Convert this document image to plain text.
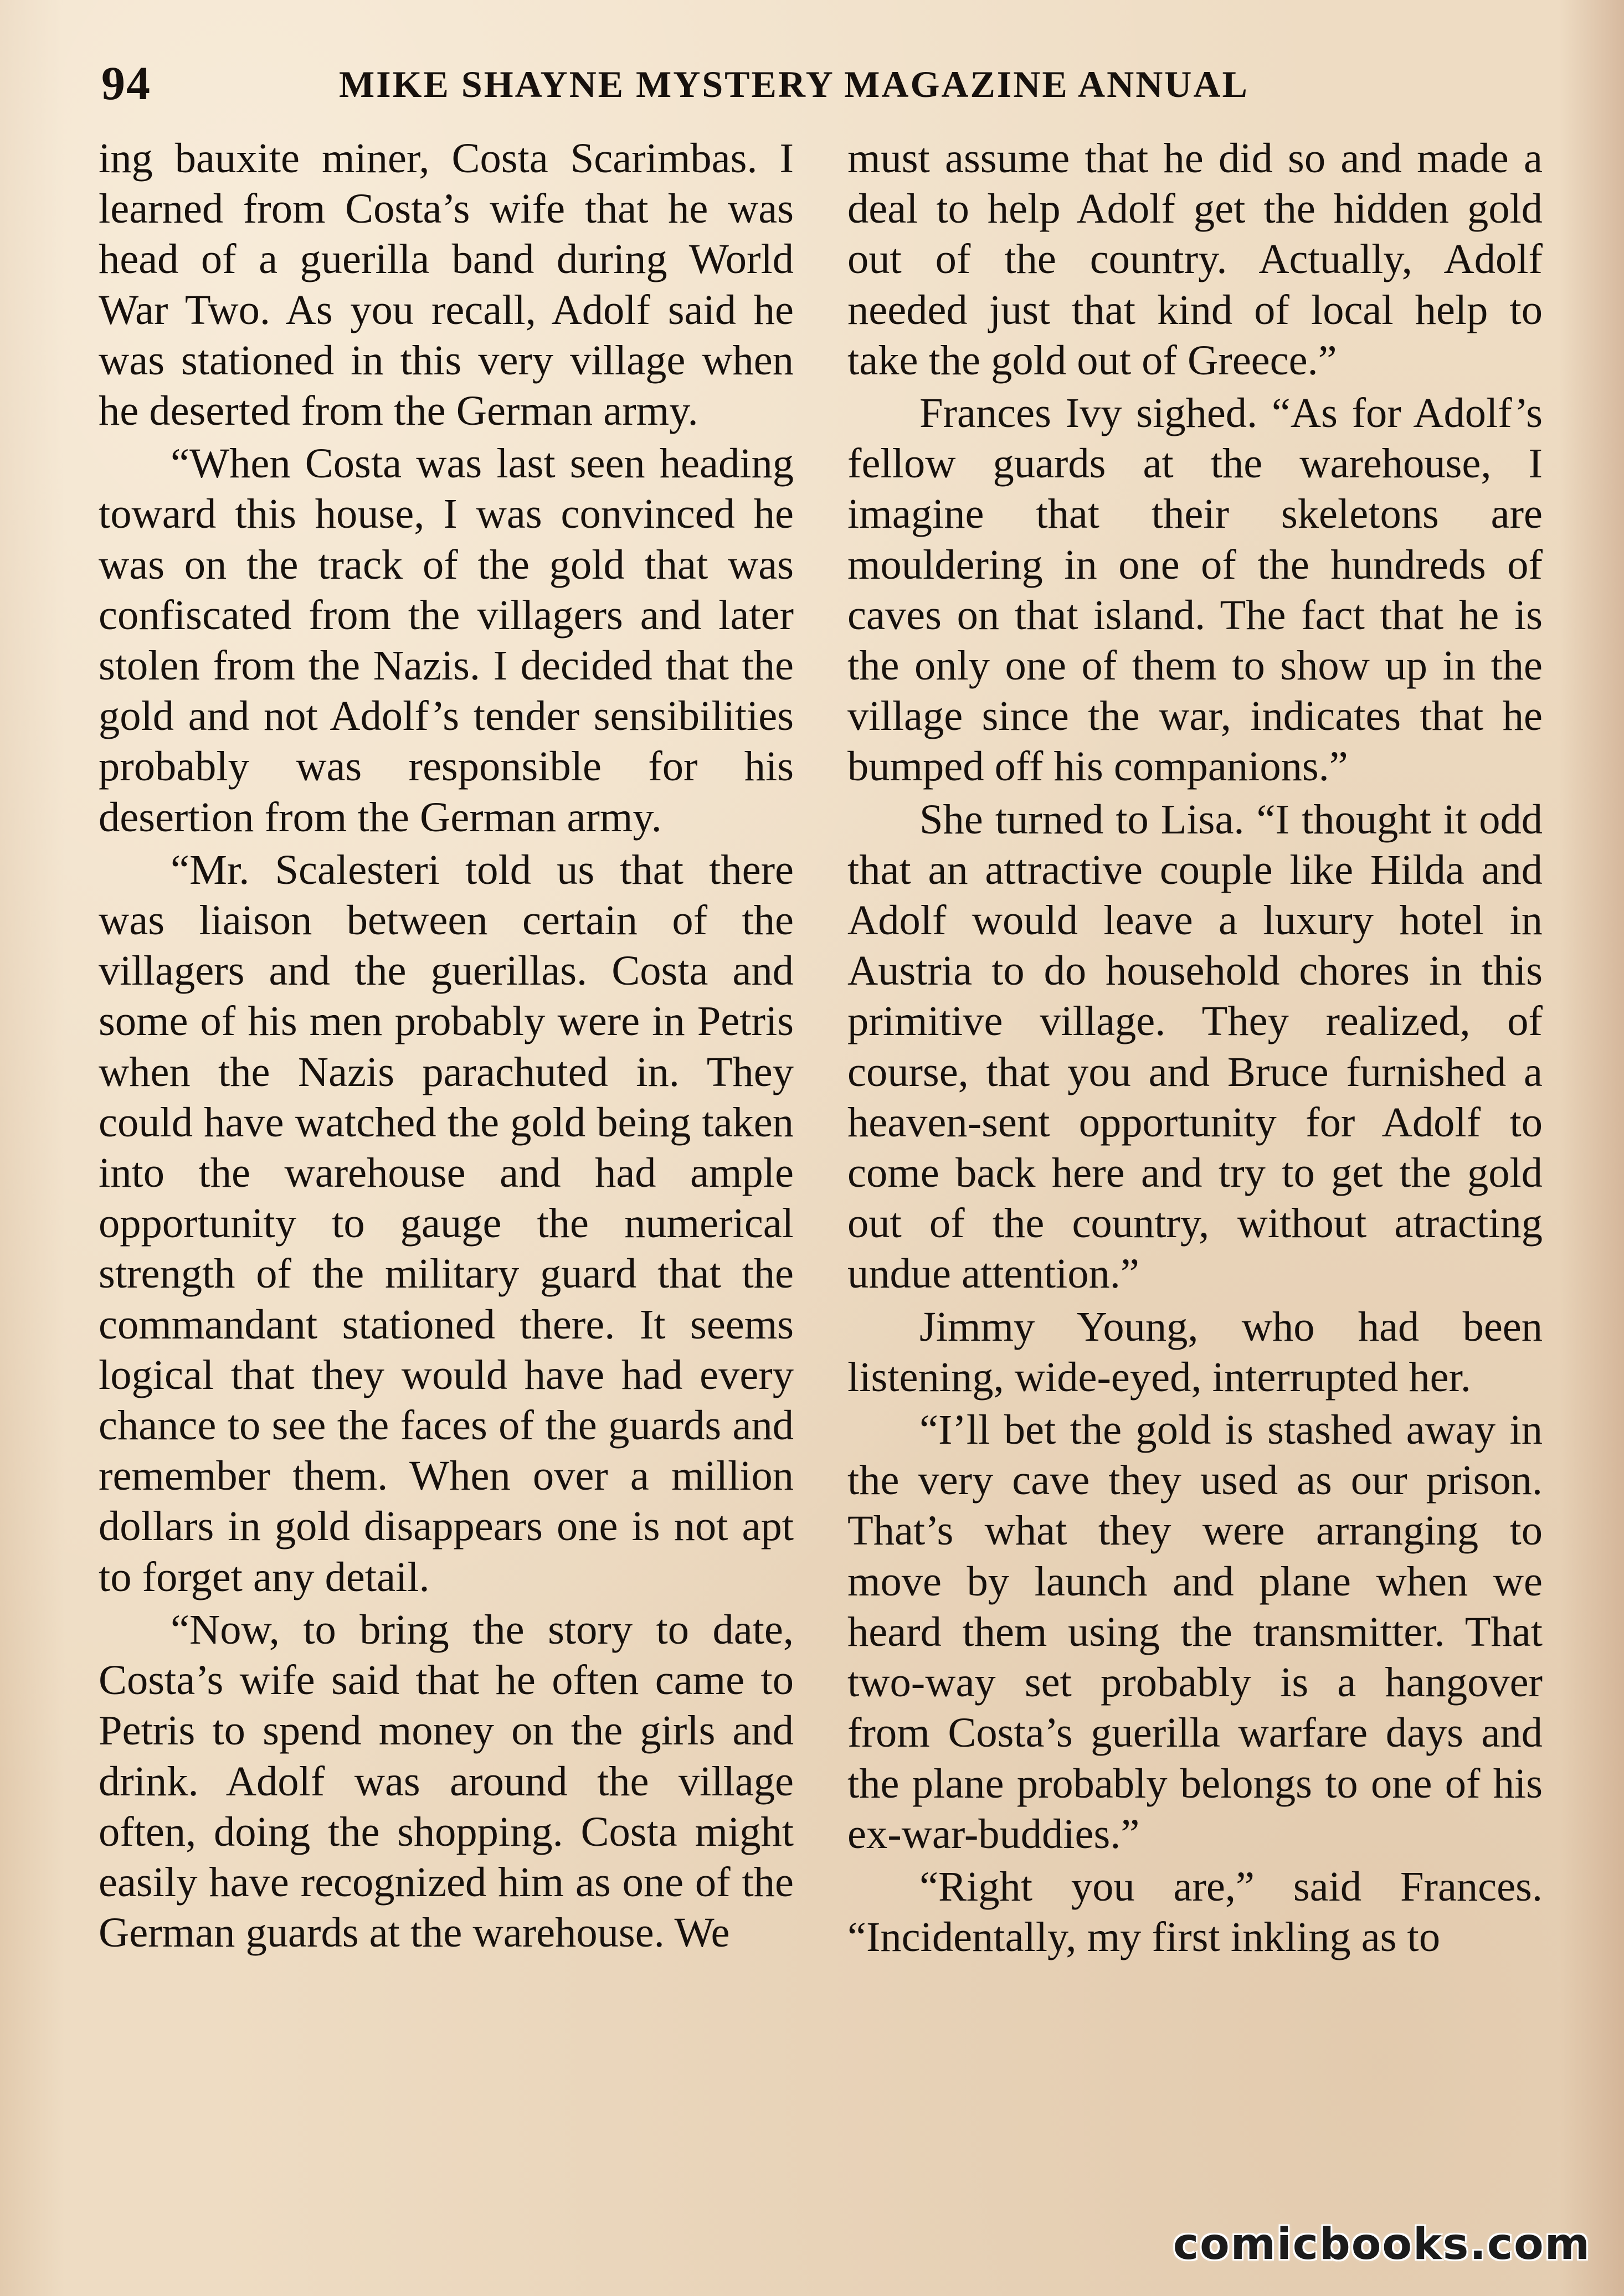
94	MIKE SHAYNE MYSTERY MAGAZINE ANNUAL

ing bauxite miner, Costa Scarimbas. I learned from Costa’s wife that he was head of a guerilla band during World War Two. As you recall, Adolf said he was stationed in this very village when he deserted from the German army.

“When Costa was last seen heading toward this house, I was convinced he was on the track of the gold that was confiscated from the villagers and later stolen from the Nazis. I decided that the gold and not Adolf’s tender sensibilities probably was responsible for his desertion from the German army.

“Mr. Scalesteri told us that there was liaison between certain of the villagers and the guerillas. Costa and some of his men probably were in Petris when the Nazis parachuted in. They could have watched the gold being taken into the warehouse and had ample opportunity to gauge the numerical strength of the military guard that the commandant stationed there. It seems logical that they would have had every chance to see the faces of the guards and remember them. When over a million dollars in gold disappears one is not apt to forget any detail.

“Now, to bring the story to date, Costa’s wife said that he often came to Petris to spend money on the girls and drink. Adolf was around the village often, doing the shopping. Costa might easily have recognized him as one of the German guards at the warehouse. We

must assume that he did so and made a deal to help Adolf get the hidden gold out of the country. Actually, Adolf needed just that kind of local help to take the gold out of Greece.”

Frances Ivy sighed. “As for Adolf’s fellow guards at the warehouse, I imagine that their skeletons are mouldering in one of the hundreds of caves on that island. The fact that he is the only one of them to show up in the village since the war, indicates that he bumped off his companions.”

She turned to Lisa. “I thought it odd that an attractive couple like Hilda and Adolf would leave a luxury hotel in Austria to do household chores in this primitive village. They realized, of course, that you and Bruce furnished a heaven-sent opportunity for Adolf to come back here and try to get the gold out of the country, without atracting undue attention.”

Jimmy Young, who had been listening, wide-eyed, interrupted her.

“I’ll bet the gold is stashed away in the very cave they used as our prison. That’s what they were arranging to move by launch and plane when we heard them using the transmitter. That two-way set probably is a hangover from Costa’s guerilla warfare days and the plane probably belongs to one of his ex-war-buddies.”

“Right you are,” said Frances. “Incidentally, my first inkling as to

comicbooks.com
